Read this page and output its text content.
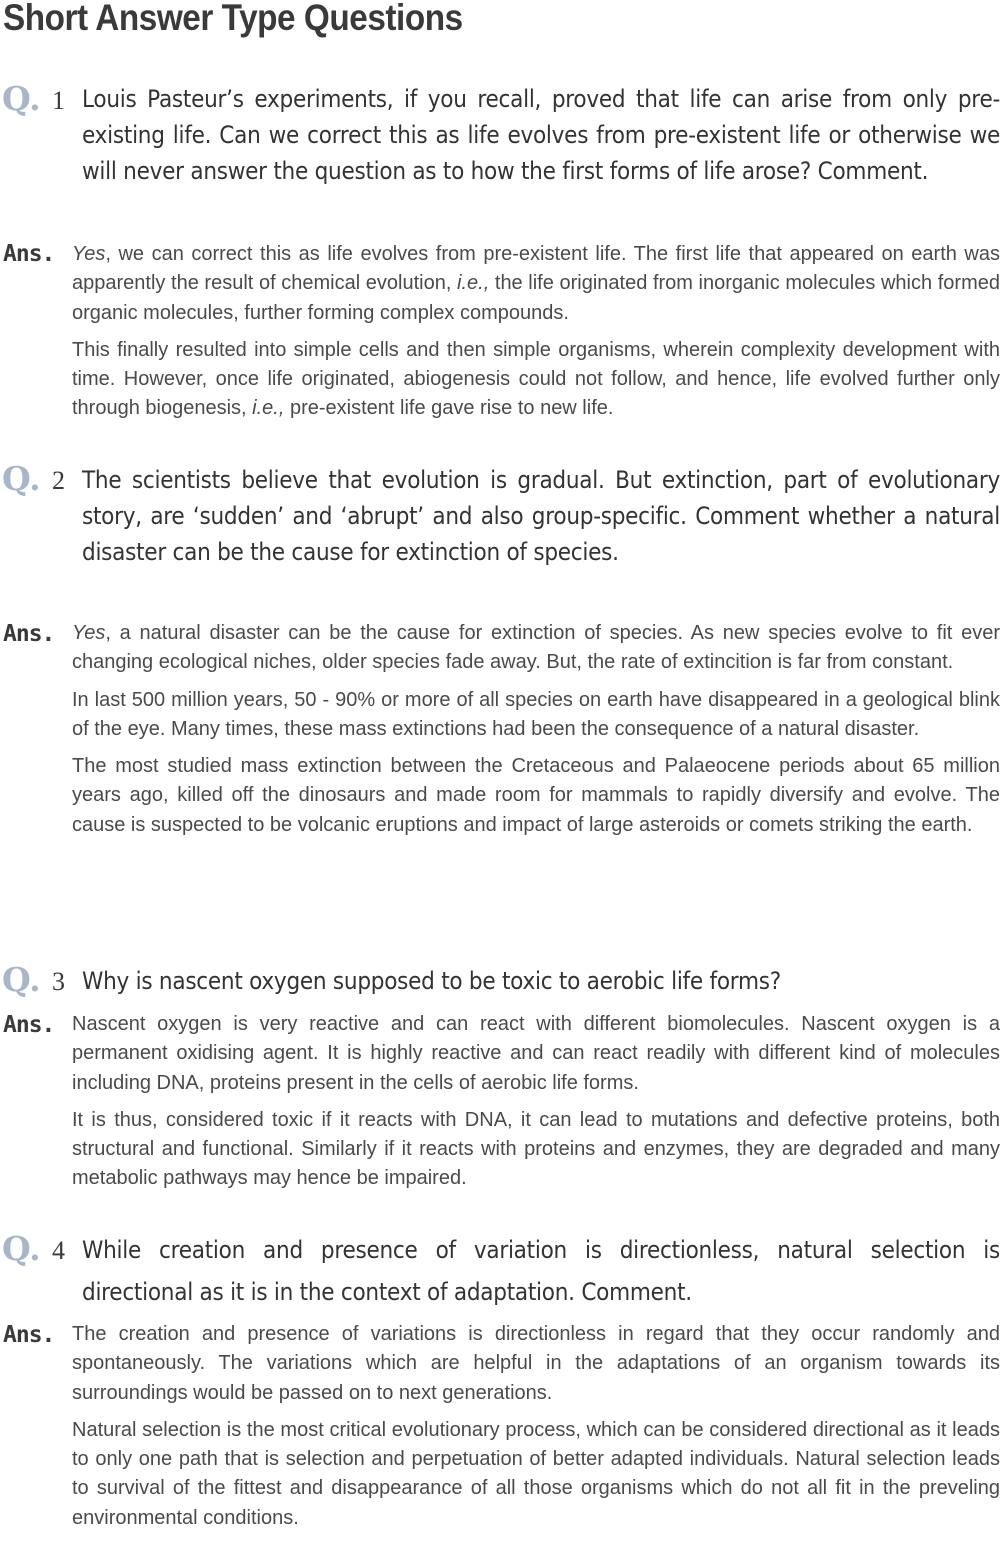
Short Answer Type Questions
Q. 1 Louis Pasteur’s experiments, if you recall, proved that life can arise from only pre-existing life. Can we correct this as life evolves from pre-existent life or otherwise we will never answer the question as to how the first forms of life arose? Comment.

Ans. Yes, we can correct this as life evolves from pre-existent life. The first life that appeared on earth was apparently the result of chemical evolution, i.e., the life originated from inorganic molecules which formed organic molecules, further forming complex compounds.

This finally resulted into simple cells and then simple organisms, wherein complexity development with time. However, once life originated, abiogenesis could not follow, and hence, life evolved further only through biogenesis, i.e., pre-existent life gave rise to new life.

Q. 2 The scientists believe that evolution is gradual. But extinction, part of evolutionary story, are ‘sudden’ and ‘abrupt’ and also group-specific. Comment whether a natural disaster can be the cause for extinction of species.

Ans. Yes, a natural disaster can be the cause for extinction of species. As new species evolve to fit ever changing ecological niches, older species fade away. But, the rate of extincition is far from constant.

In last 500 million years, 50 - 90% or more of all species on earth have disappeared in a geological blink of the eye. Many times, these mass extinctions had been the consequence of a natural disaster.

The most studied mass extinction between the Cretaceous and Palaeocene periods about 65 million years ago, killed off the dinosaurs and made room for mammals to rapidly diversify and evolve. The cause is suspected to be volcanic eruptions and impact of large asteroids or comets striking the earth.

Q. 3 Why is nascent oxygen supposed to be toxic to aerobic life forms?

Ans. Nascent oxygen is very reactive and can react with different biomolecules. Nascent oxygen is a permanent oxidising agent. It is highly reactive and can react readily with different kind of molecules including DNA, proteins present in the cells of aerobic life forms.

It is thus, considered toxic if it reacts with DNA, it can lead to mutations and defective proteins, both structural and functional. Similarly if it reacts with proteins and enzymes, they are degraded and many metabolic pathways may hence be impaired.

Q. 4 While creation and presence of variation is directionless, natural selection is directional as it is in the context of adaptation. Comment.

Ans. The creation and presence of variations is directionless in regard that they occur randomly and spontaneously. The variations which are helpful in the adaptations of an organism towards its surroundings would be passed on to next generations.

Natural selection is the most critical evolutionary process, which can be considered directional as it leads to only one path that is selection and perpetuation of better adapted individuals. Natural selection leads to survival of the fittest and disappearance of all those organisms which do not all fit in the preveling environmental conditions.
